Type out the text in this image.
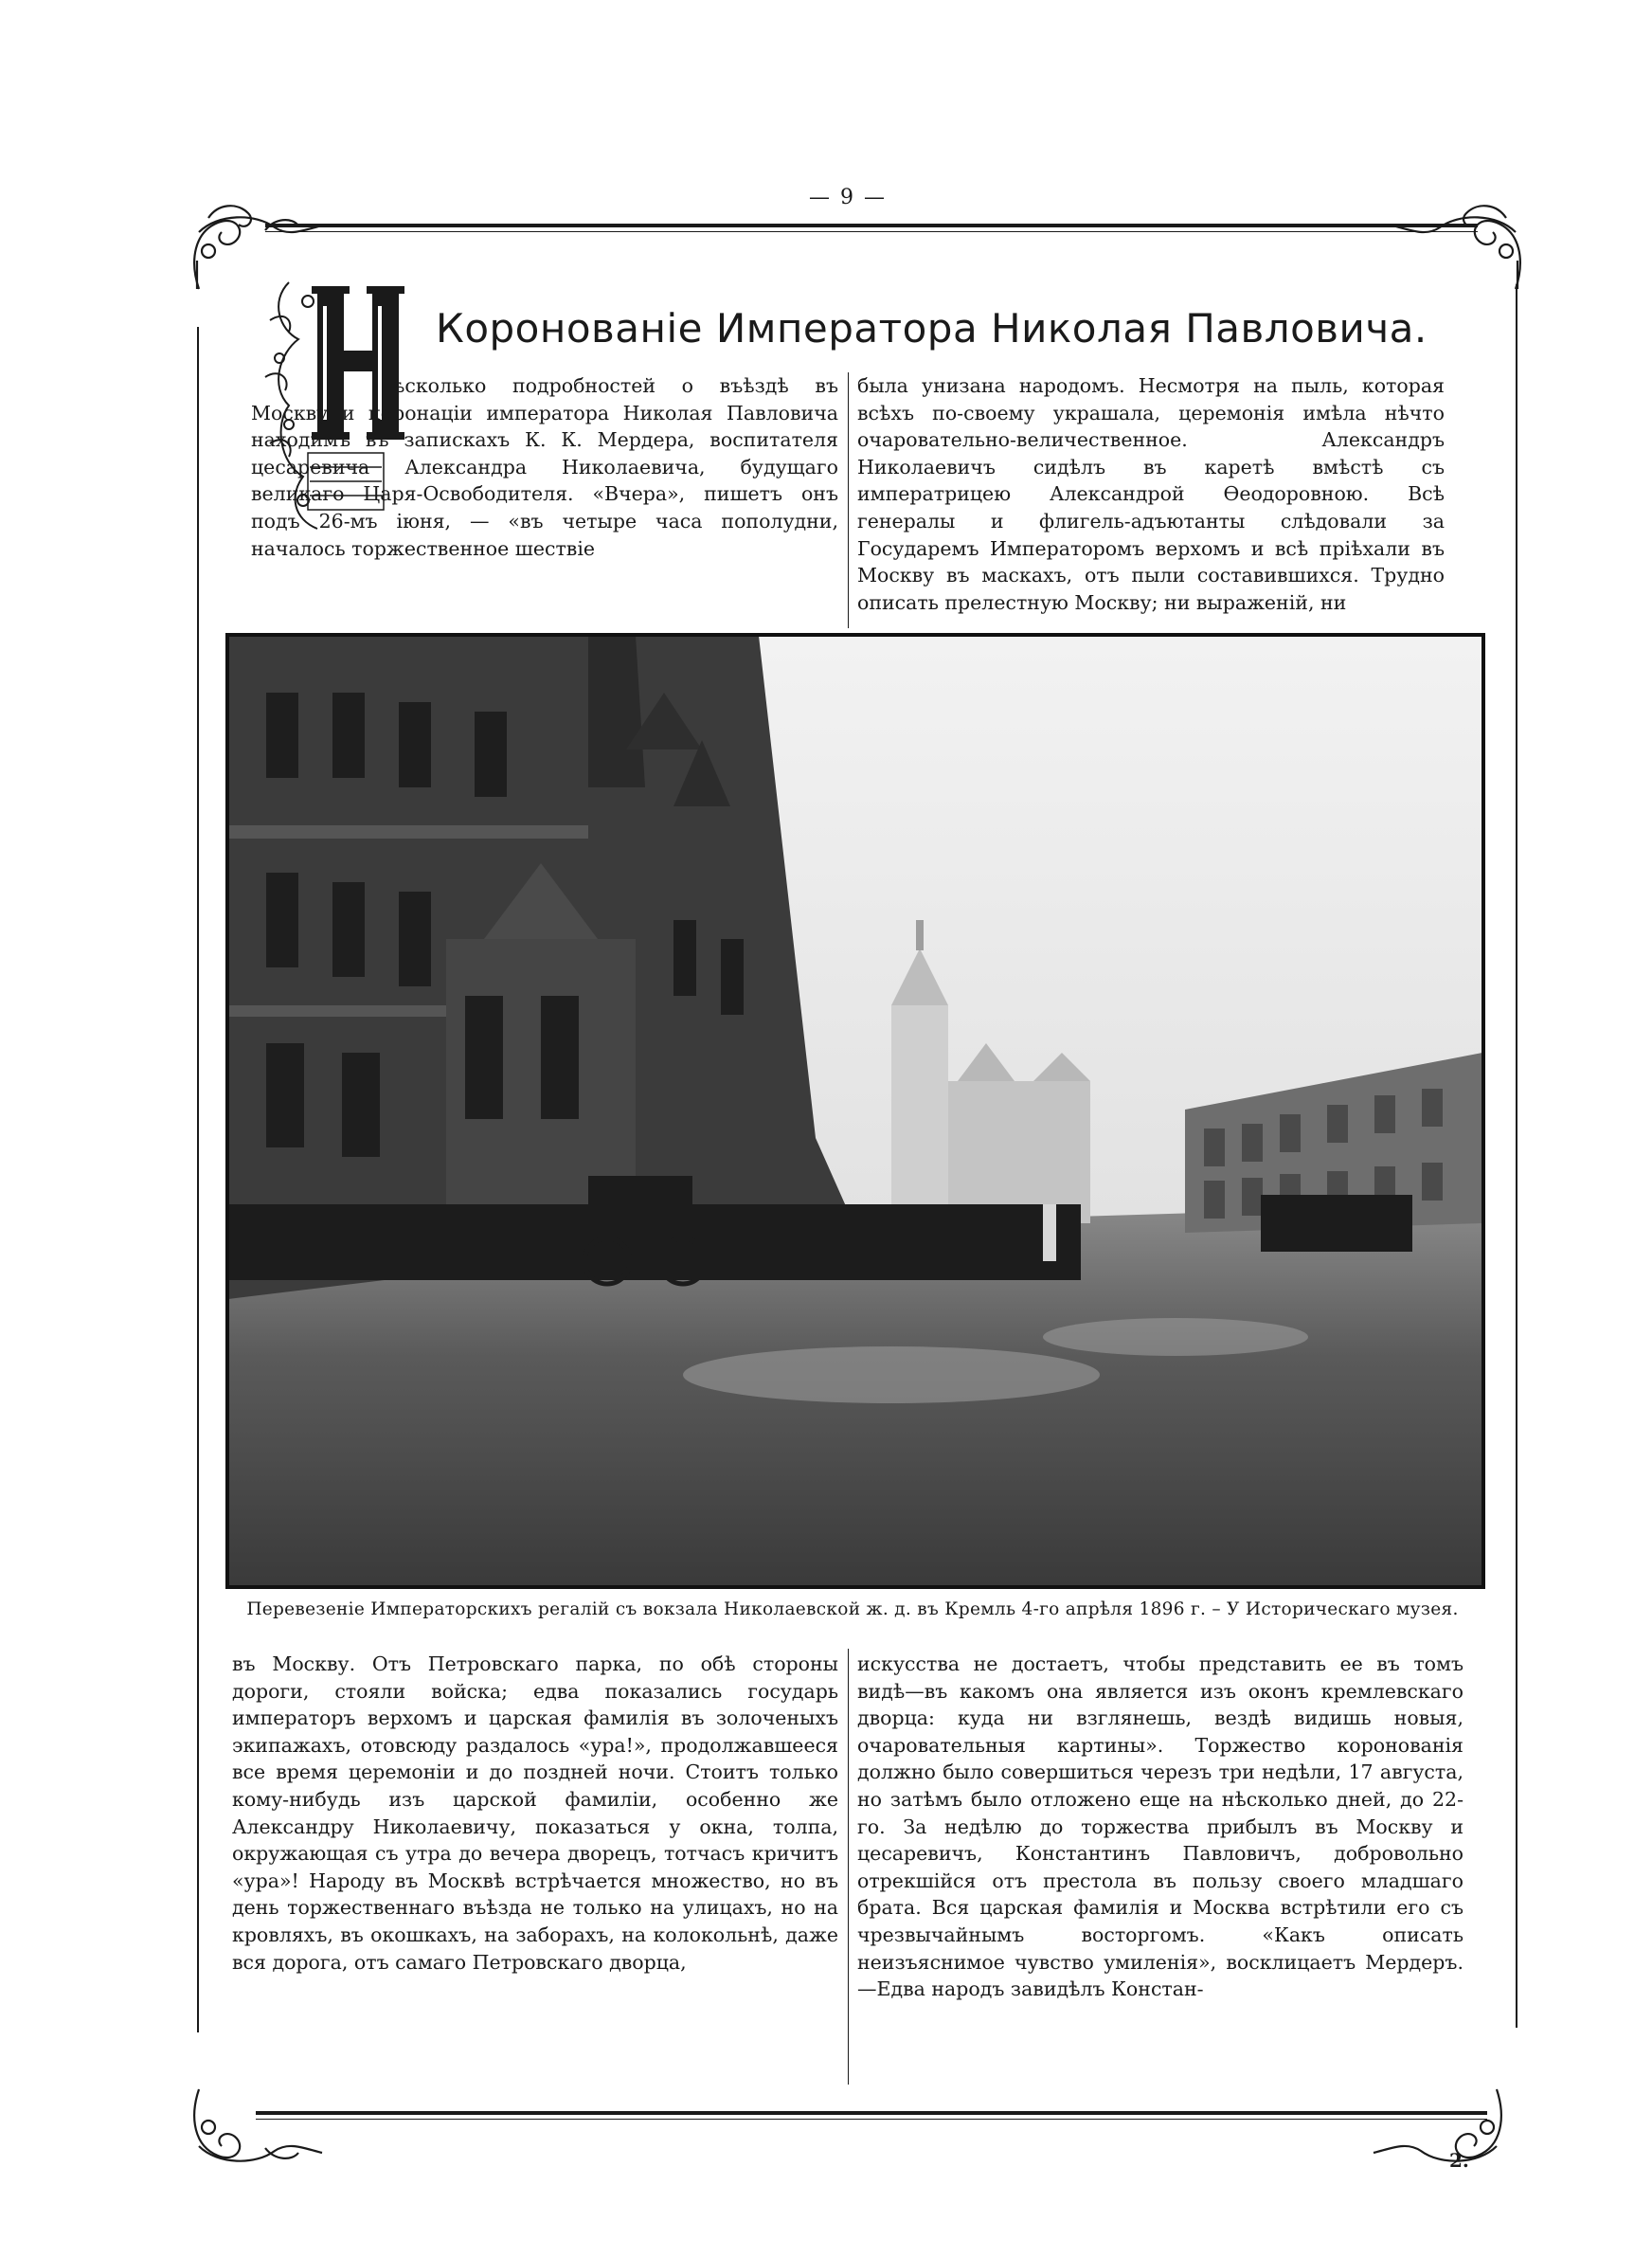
— 9 —
Коронованіе Императора Николая Павловича.
ѣсколько подробностей о въѣздѣ въ Москву и коронаціи императора Николая Павловича находимъ въ запискахъ К. К. Мердера, воспитателя цесаревича Александра Николаевича, будущаго великаго Царя-Освободителя. «Вчера», пишетъ онъ подъ 26-мъ іюня, — «въ четыре часа пополудни, началось торжественное шествіе
была унизана народомъ. Несмотря на пыль, которая всѣхъ по-своему украшала, церемонія имѣла нѣчто очаровательно-величественное. Александръ Николаевичъ сидѣлъ въ каретѣ вмѣстѣ съ императрицею Александрой Ѳеодоровною. Всѣ генералы и флигель-адъютанты слѣдовали за Государемъ Императоромъ верхомъ и всѣ пріѣхали въ Москву въ маскахъ, отъ пыли составившихся. Трудно описать прелестную Москву; ни выраженій, ни
Перевезеніе Императорскихъ регалій съ вокзала Николаевской ж. д. въ Кремль 4-го апрѣля 1896 г. – У Историческаго музея.
въ Москву. Отъ Петровскаго парка, по обѣ стороны дороги, стояли войска; едва показались государь императоръ верхомъ и царская фамилія въ золоченыхъ экипажахъ, отовсюду раздалось «ура!», продолжавшееся все время церемоніи и до поздней ночи. Стоитъ только кому-нибудь изъ царской фамиліи, особенно же Александру Николаевичу, показаться у окна, толпа, окружающая съ утра до вечера дворецъ, тотчасъ кричитъ «ура»! Народу въ Москвѣ встрѣчается множество, но въ день торжественнаго въѣзда не только на улицахъ, но на кровляхъ, въ окошкахъ, на заборахъ, на колокольнѣ, даже вся дорога, отъ самаго Петровскаго дворца,
искусства не достаетъ, чтобы представить ее въ томъ видѣ—въ какомъ она является изъ оконъ кремлевскаго дворца: куда ни взглянешь, вездѣ видишь новыя, очаровательныя картины». Торжество коронованія должно было совершиться черезъ три недѣли, 17 августа, но затѣмъ было отложено еще на нѣсколько дней, до 22-го. За недѣлю до торжества прибылъ въ Москву и цесаревичъ, Константинъ Павловичъ, добровольно отрекшійся отъ престола въ пользу своего младшаго брата. Вся царская фамилія и Москва встрѣтили его съ чрезвычайнымъ восторгомъ. «Какъ описать неизъяснимое чувство умиленія», восклицаетъ Мердеръ.—Едва народъ завидѣлъ Констан-
2.
